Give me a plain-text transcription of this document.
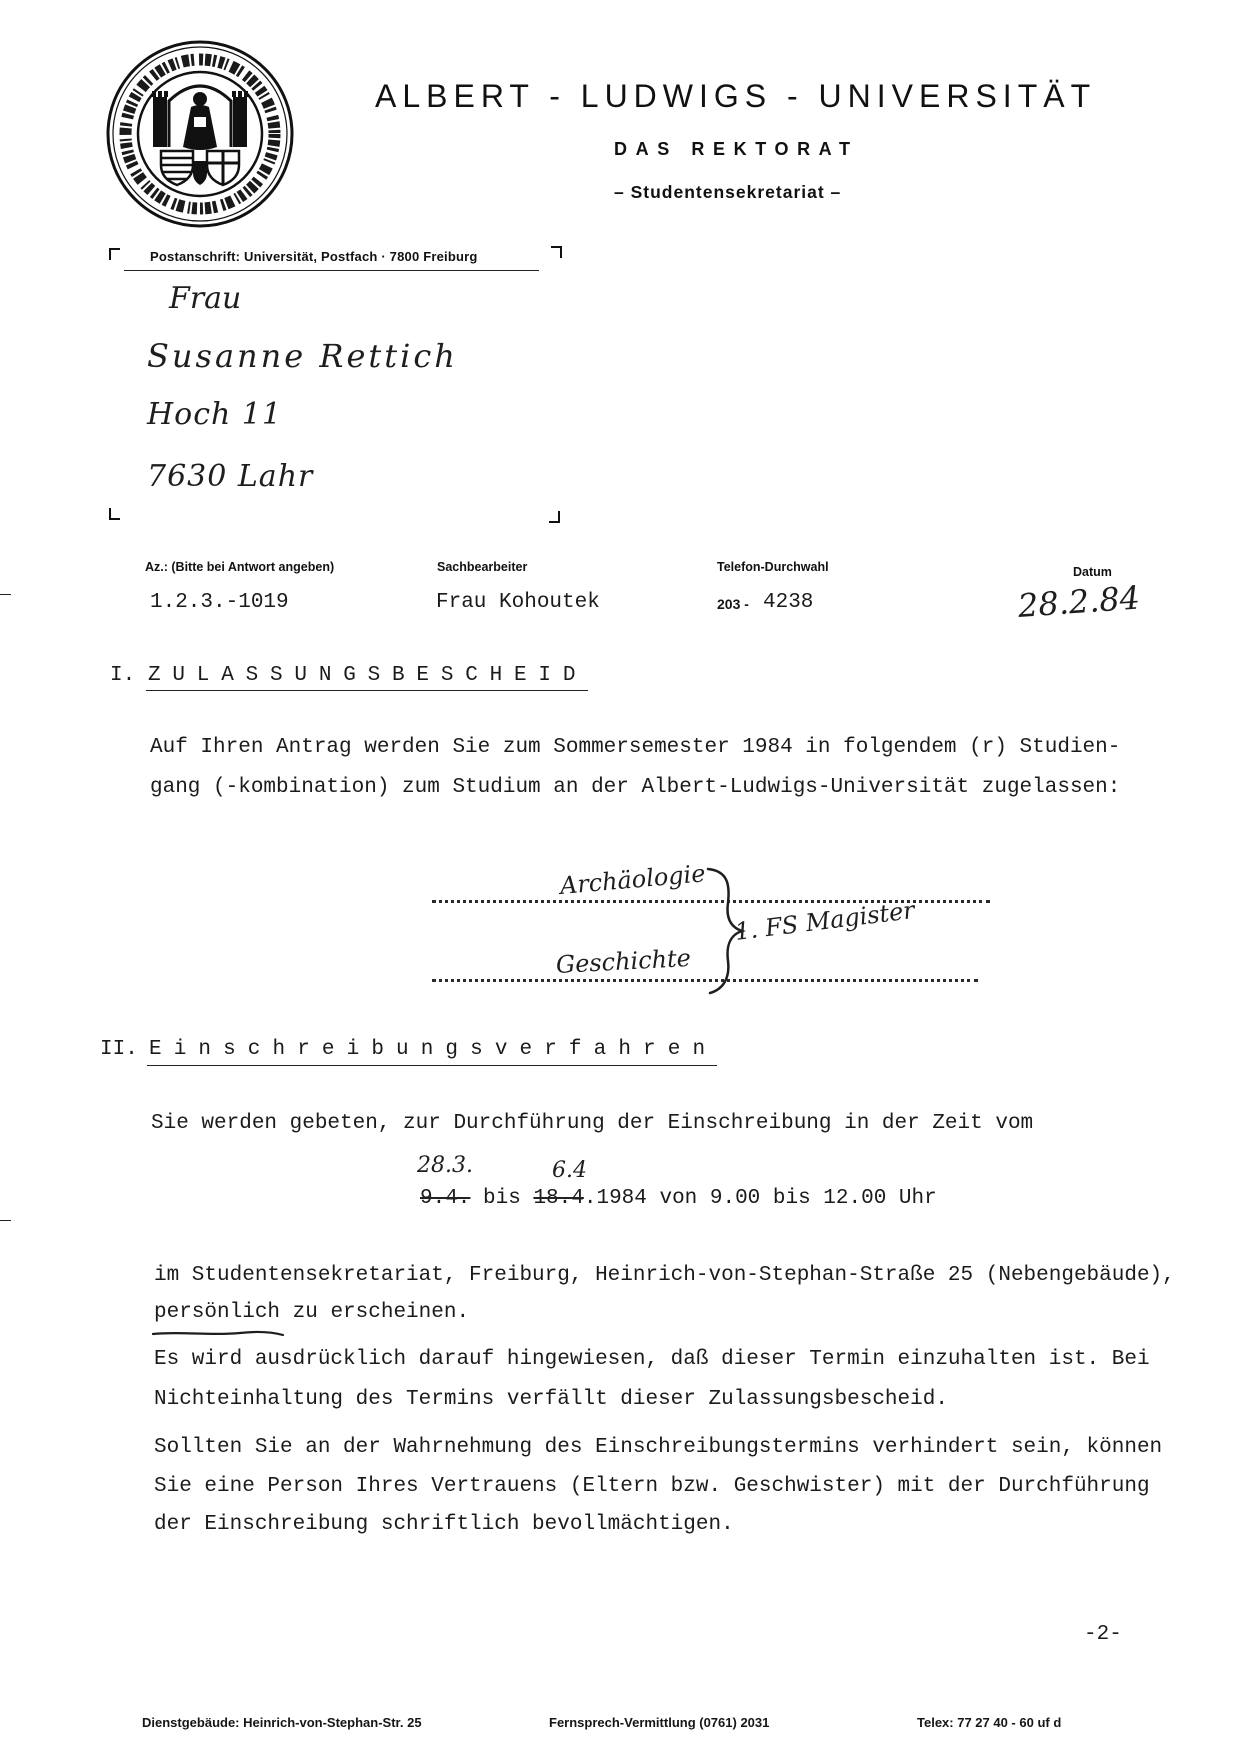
ALBERT - LUDWIGS - UNIVERSITÄT
DAS REKTORAT
– Studentensekretariat –
Postanschrift: Universität, Postfach · 7800 Freiburg
Frau
Susanne Rettich
Hoch 11
7630 Lahr
Az.: (Bitte bei Antwort angeben)	Sachbearbeiter	Telefon-Durchwahl	Datum
1.2.3.-1019	Frau Kohoutek	203 - 4238	28.2.84
I. ZULASSUNGSBESCHEID
Auf Ihren Antrag werden Sie zum Sommersemester 1984 in folgendem (r) Studien-
gang (-kombination) zum Studium an der Albert-Ludwigs-Universität zugelassen:
Archäologie
Geschichte
1. FS Magister
II. Einschreibungsverfahren
Sie werden gebeten, zur Durchführung der Einschreibung in der Zeit vom
28.3.	6.4
9.4. bis 18.4.1984 von 9.00 bis 12.00 Uhr
im Studentensekretariat, Freiburg, Heinrich-von-Stephan-Straße 25 (Nebengebäude),
persönlich zu erscheinen.
Es wird ausdrücklich darauf hingewiesen, daß dieser Termin einzuhalten ist. Bei
Nichteinhaltung des Termins verfällt dieser Zulassungsbescheid.
Sollten Sie an der Wahrnehmung des Einschreibungstermins verhindert sein, können
Sie eine Person Ihres Vertrauens (Eltern bzw. Geschwister) mit der Durchführung
der Einschreibung schriftlich bevollmächtigen.
-2-
Dienstgebäude: Heinrich-von-Stephan-Str. 25	Fernsprech-Vermittlung (0761) 2031	Telex: 77 27 40 - 60 uf d
